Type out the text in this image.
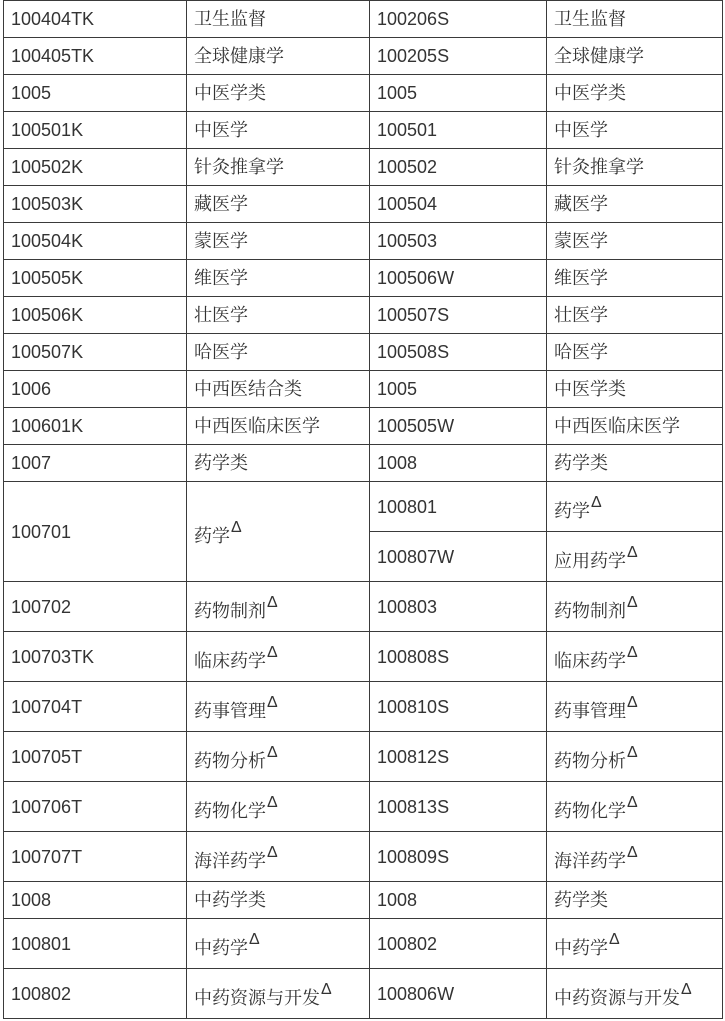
100404TK	卫生监督	100206S	卫生监督
100405TK	全球健康学	100205S	全球健康学
1005	中医学类	1005	中医学类
100501K	中医学	100501	中医学
100502K	针灸推拿学	100502	针灸推拿学
100503K	藏医学	100504	藏医学
100504K	蒙医学	100503	蒙医学
100505K	维医学	100506W	维医学
100506K	壮医学	100507S	壮医学
100507K	哈医学	100508S	哈医学
1006	中西医结合类	1005	中医学类
100601K	中西医临床医学	100505W	中西医临床医学
1007	药学类	1008	药学类
100701	药学Δ	100801	药学Δ
		100807W	应用药学Δ
100702	药物制剂Δ	100803	药物制剂Δ
100703TK	临床药学Δ	100808S	临床药学Δ
100704T	药事管理Δ	100810S	药事管理Δ
100705T	药物分析Δ	100812S	药物分析Δ
100706T	药物化学Δ	100813S	药物化学Δ
100707T	海洋药学Δ	100809S	海洋药学Δ
1008	中药学类	1008	药学类
100801	中药学Δ	100802	中药学Δ
100802	中药资源与开发Δ	100806W	中药资源与开发Δ
